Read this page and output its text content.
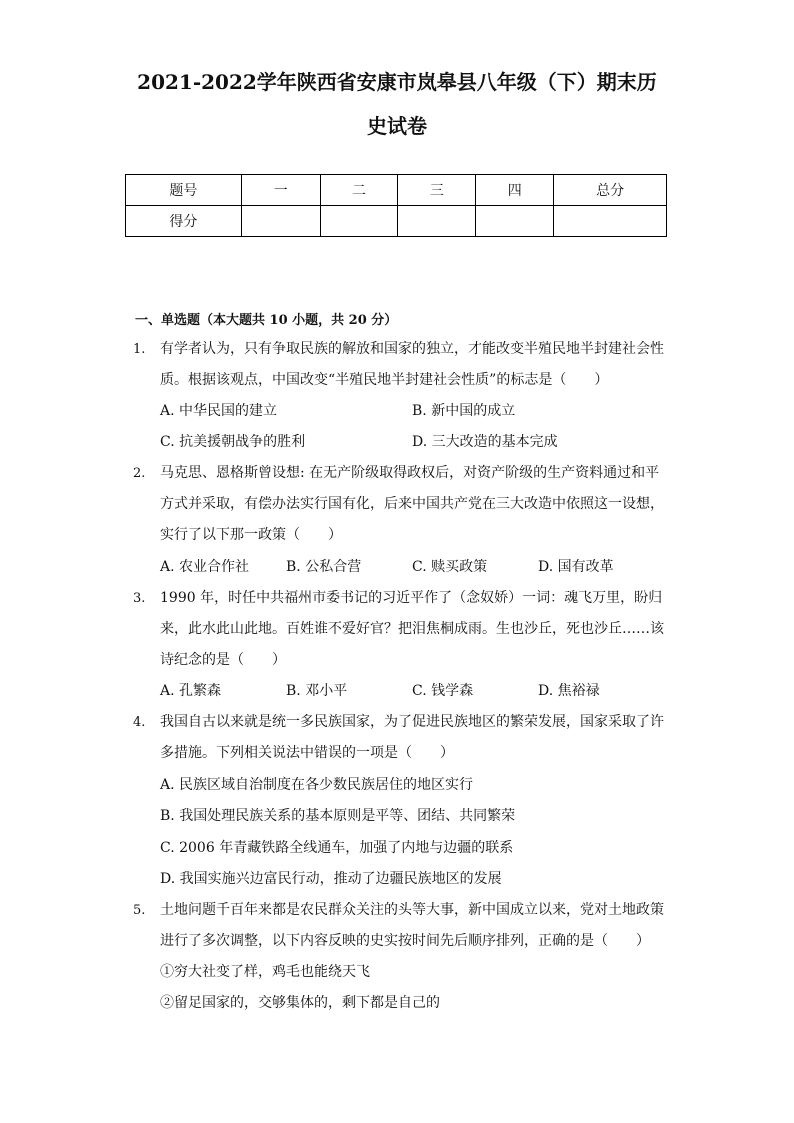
2021-2022学年陕西省安康市岚皋县八年级（下）期末历
史试卷
题号	一	二	三	四	总分
得分					
一、单选题（本大题共 10 小题，共 20 分）
1. 有学者认为，只有争取民族的解放和国家的独立，才能改变半殖民地半封建社会性
质。根据该观点，中国改变“半殖民地半封建社会性质”的标志是（　　）
A. 中华民国的建立	B. 新中国的成立
C. 抗美援朝战争的胜利	D. 三大改造的基本完成
2. 马克思、恩格斯曾设想: 在无产阶级取得政权后，对资产阶级的生产资料通过和平
方式并采取，有偿办法实行国有化，后来中国共产党在三大改造中依照这一设想，
实行了以下那一政策（　　）
A. 农业合作社	B. 公私合营	C. 赎买政策	D. 国有改革
3. 1990 年，时任中共福州市委书记的习近平作了（念奴娇）一词：魂飞万里，盼归
来，此水此山此地。百姓谁不爱好官？把泪焦桐成雨。生也沙丘，死也沙丘……该
诗纪念的是（　　）
A. 孔繁森	B. 邓小平	C. 钱学森	D. 焦裕禄
4. 我国自古以来就是统一多民族国家，为了促进民族地区的繁荣发展，国家采取了许
多措施。下列相关说法中错误的一项是（　　）
A. 民族区域自治制度在各少数民族居住的地区实行
B. 我国处理民族关系的基本原则是平等、团结、共同繁荣
C. 2006 年青藏铁路全线通车，加强了内地与边疆的联系
D. 我国实施兴边富民行动，推动了边疆民族地区的发展
5. 土地问题千百年来都是农民群众关注的头等大事，新中国成立以来，党对土地政策
进行了多次调整，以下内容反映的史实按时间先后顺序排列，正确的是（　　）
①穷大社变了样，鸡毛也能绕天飞
②留足国家的，交够集体的，剩下都是自己的
